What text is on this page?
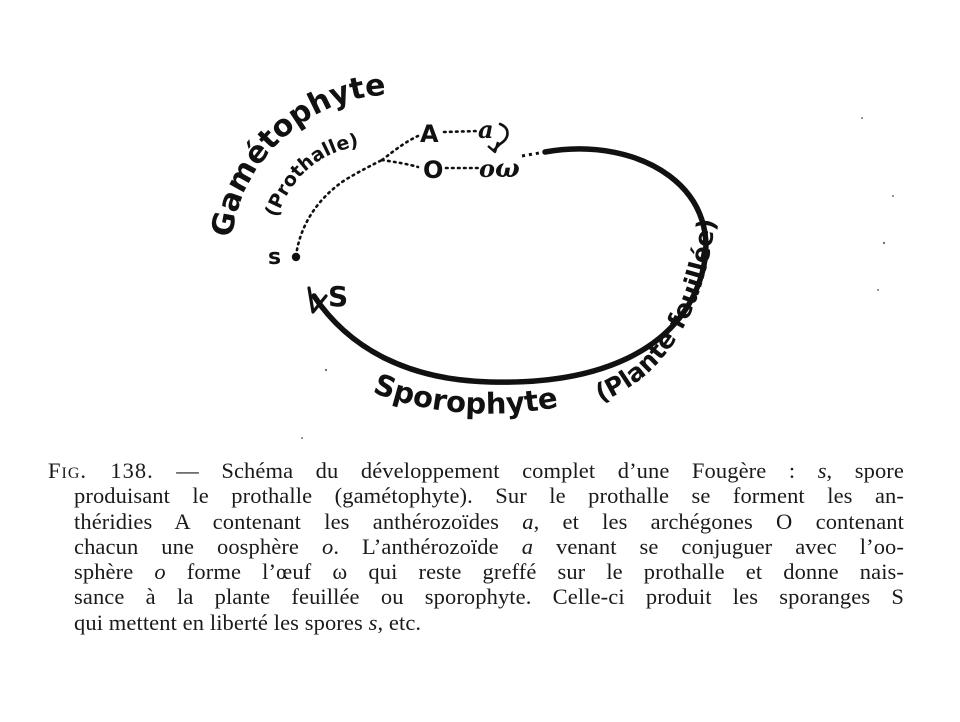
Gamétophyte
(Prothalle)
Sporophyte (Plante feuillée)
s
S
A
O
a
o ω
Fig. 138. — Schéma du développement complet d’une Fougère : s, spore
produisant le prothalle (gamétophyte). Sur le prothalle se forment les an-
théridies A contenant les anthérozoïdes a, et les archégones O contenant
chacun une oosphère o. L’anthérozoïde a venant se conjuguer avec l’oo-
sphère o forme l’œuf ω qui reste greffé sur le prothalle et donne nais-
sance à la plante feuillée ou sporophyte. Celle-ci produit les sporanges S
qui mettent en liberté les spores s, etc.
